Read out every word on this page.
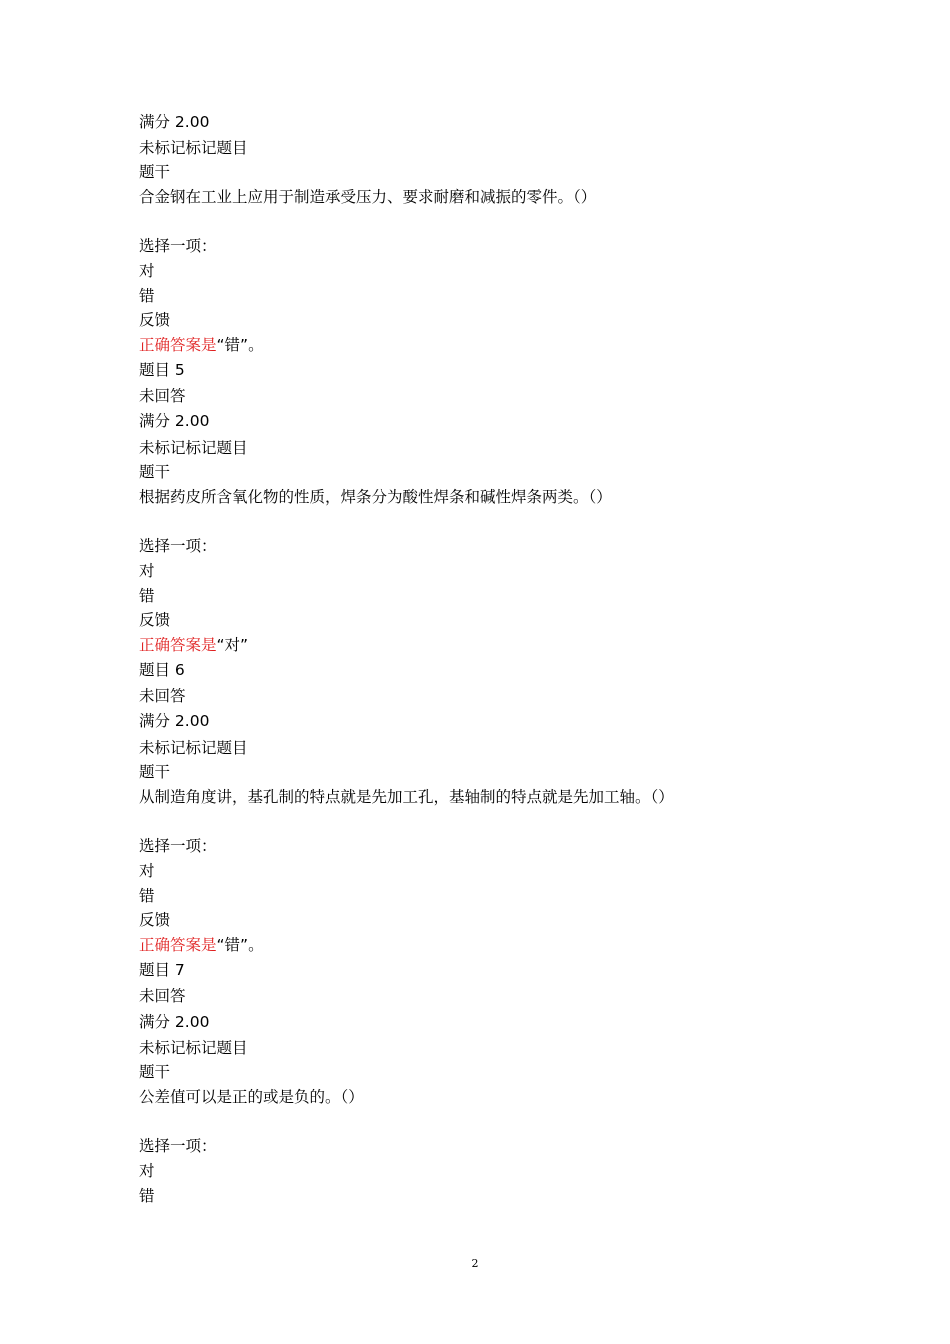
满分 2.00
未标记标记题目
题干
合金钢在工业上应用于制造承受压力、要求耐磨和减振的零件。（）
选择一项：
对
错
反馈
正确答案是“错”。
题目 5
未回答
满分 2.00
未标记标记题目
题干
根据药皮所含氧化物的性质，焊条分为酸性焊条和碱性焊条两类。（）
选择一项：
对
错
反馈
正确答案是“对”
题目 6
未回答
满分 2.00
未标记标记题目
题干
从制造角度讲，基孔制的特点就是先加工孔，基轴制的特点就是先加工轴。（）
选择一项：
对
错
反馈
正确答案是“错”。
题目 7
未回答
满分 2.00
未标记标记题目
题干
公差值可以是正的或是负的。（）
选择一项：
对
错
2
